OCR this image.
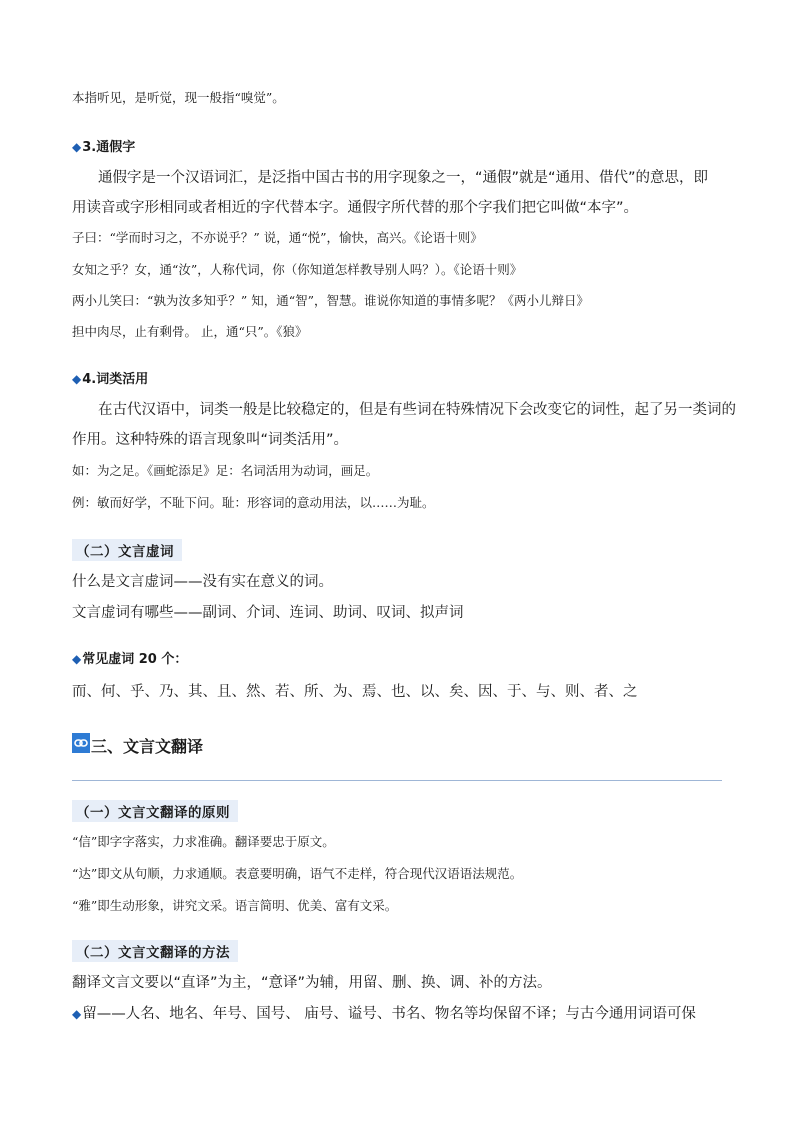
本指听见，是听觉，现一般指“嗅觉”。
◆3.通假字
通假字是一个汉语词汇，是泛指中国古书的用字现象之一，“通假”就是“通用、借代”的意思，即
用读音或字形相同或者相近的字代替本字。通假字所代替的那个字我们把它叫做“本字”。
子曰：“学而时习之，不亦说乎？” 说，通“悦”，愉快，高兴。《论语十则》
女知之乎？女，通“汝”，人称代词，你（你知道怎样教导别人吗？）。《论语十则》
两小儿笑曰：“孰为汝多知乎？” 知，通“智”，智慧。谁说你知道的事情多呢？《两小儿辩日》
担中肉尽，止有剩骨。 止，通“只”。《狼》
◆4.词类活用
在古代汉语中，词类一般是比较稳定的，但是有些词在特殊情况下会改变它的词性，起了另一类词的
作用。这种特殊的语言现象叫“词类活用”。
如：为之足。《画蛇添足》足：名词活用为动词，画足。
例：敏而好学，不耻下问。耻：形容词的意动用法，以……为耻。
（二）文言虚词
什么是文言虚词——没有实在意义的词。
文言虚词有哪些——副词、介词、连词、助词、叹词、拟声词
◆常见虚词 20 个：
而、何、乎、乃、其、且、然、若、所、为、焉、也、以、矣、因、于、与、则、者、之
三、文言文翻译
（一）文言文翻译的原则
“信”即字字落实，力求准确。翻译要忠于原文。
“达”即文从句顺，力求通顺。表意要明确，语气不走样，符合现代汉语语法规范。
“雅”即生动形象，讲究文采。语言简明、优美、富有文采。
（二）文言文翻译的方法
翻译文言文要以“直译”为主，“意译”为辅，用留、删、换、调、补的方法。
◆留——人名、地名、年号、国号、 庙号、谥号、书名、物名等均保留不译；与古今通用词语可保
